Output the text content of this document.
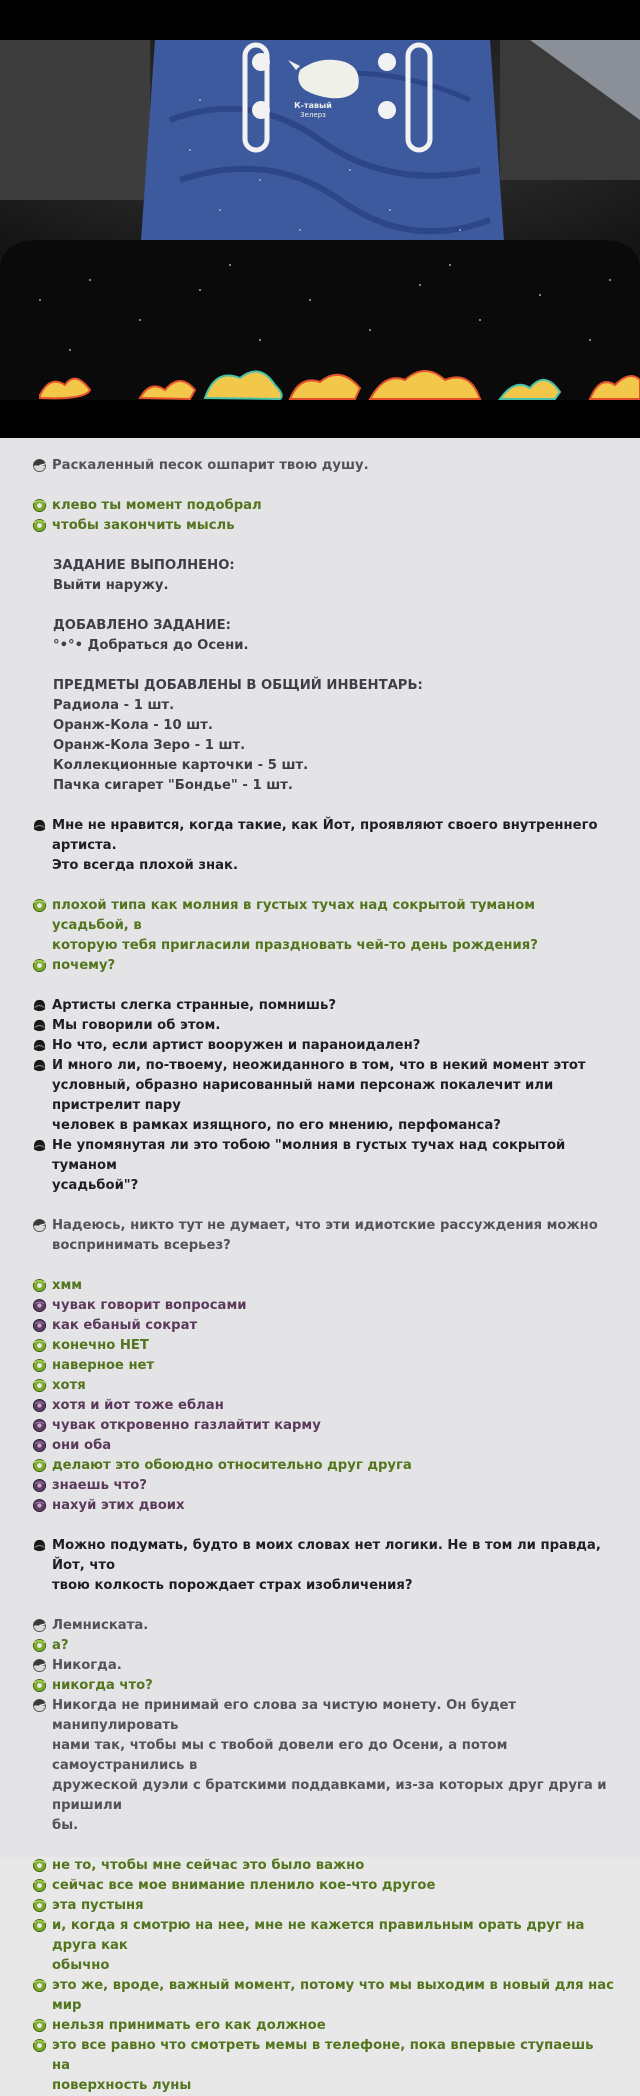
К-тавый
Зелерз
Раскаленный песок ошпарит твою душу.
клево ты момент подобрал
чтобы закончить мысль
ЗАДАНИЕ ВЫПОЛНЕНО:
Выйти наружу.
ДОБАВЛЕНО ЗАДАНИЕ:
°•°• Добраться до Осени.
ПРЕДМЕТЫ ДОБАВЛЕНЫ В ОБЩИЙ ИНВЕНТАРЬ:
Радиола - 1 шт.
Оранж-Кола - 10 шт.
Оранж-Кола Зеро - 1 шт.
Коллекционные карточки - 5 шт.
Пачка сигарет "Бондье" - 1 шт.
Мне не нравится, когда такие, как Йот, проявляют своего внутреннего артиста.
Это всегда плохой знак.
плохой типа как молния в густых тучах над сокрытой туманом усадьбой, в
которую тебя пригласили праздновать чей-то день рождения?
почему?
Артисты слегка странные, помнишь?
Мы говорили об этом.
Но что, если артист вооружен и параноидален?
И много ли, по-твоему, неожиданного в том, что в некий момент этот
условный, образно нарисованный нами персонаж покалечит или пристрелит пару
человек в рамках изящного, по его мнению, перфоманса?
Не упомянутая ли это тобою "молния в густых тучах над сокрытой туманом
усадьбой"?
Надеюсь, никто тут не думает, что эти идиотские рассуждения можно
воспринимать всерьез?
хмм
чувак говорит вопросами
как ебаный сократ
конечно НЕТ
наверное нет
хотя
хотя и йот тоже еблан
чувак откровенно газлайтит карму
они оба
делают это обоюдно относительно друг друга
знаешь что?
нахуй этих двоих
Можно подумать, будто в моих словах нет логики. Не в том ли правда, Йот, что
твою колкость порождает страх изобличения?
Лемниската.
а?
Никогда.
никогда что?
Никогда не принимай его слова за чистую монету. Он будет манипулировать
нами так, чтобы мы с твобой довели его до Осени, а потом самоустранились в
дружеской дуэли с братскими поддавками, из-за которых друг друга и пришили
бы.
не то, чтобы мне сейчас это было важно
сейчас все мое внимание пленило кое-что другое
эта пустыня
и, когда я смотрю на нее, мне не кажется правильным орать друг на друга как
обычно
это же, вроде, важный момент, потому что мы выходим в новый для нас мир
нельзя принимать его как должное
это все равно что смотреть мемы в телефоне, пока впервые ступаешь на
поверхность луны
